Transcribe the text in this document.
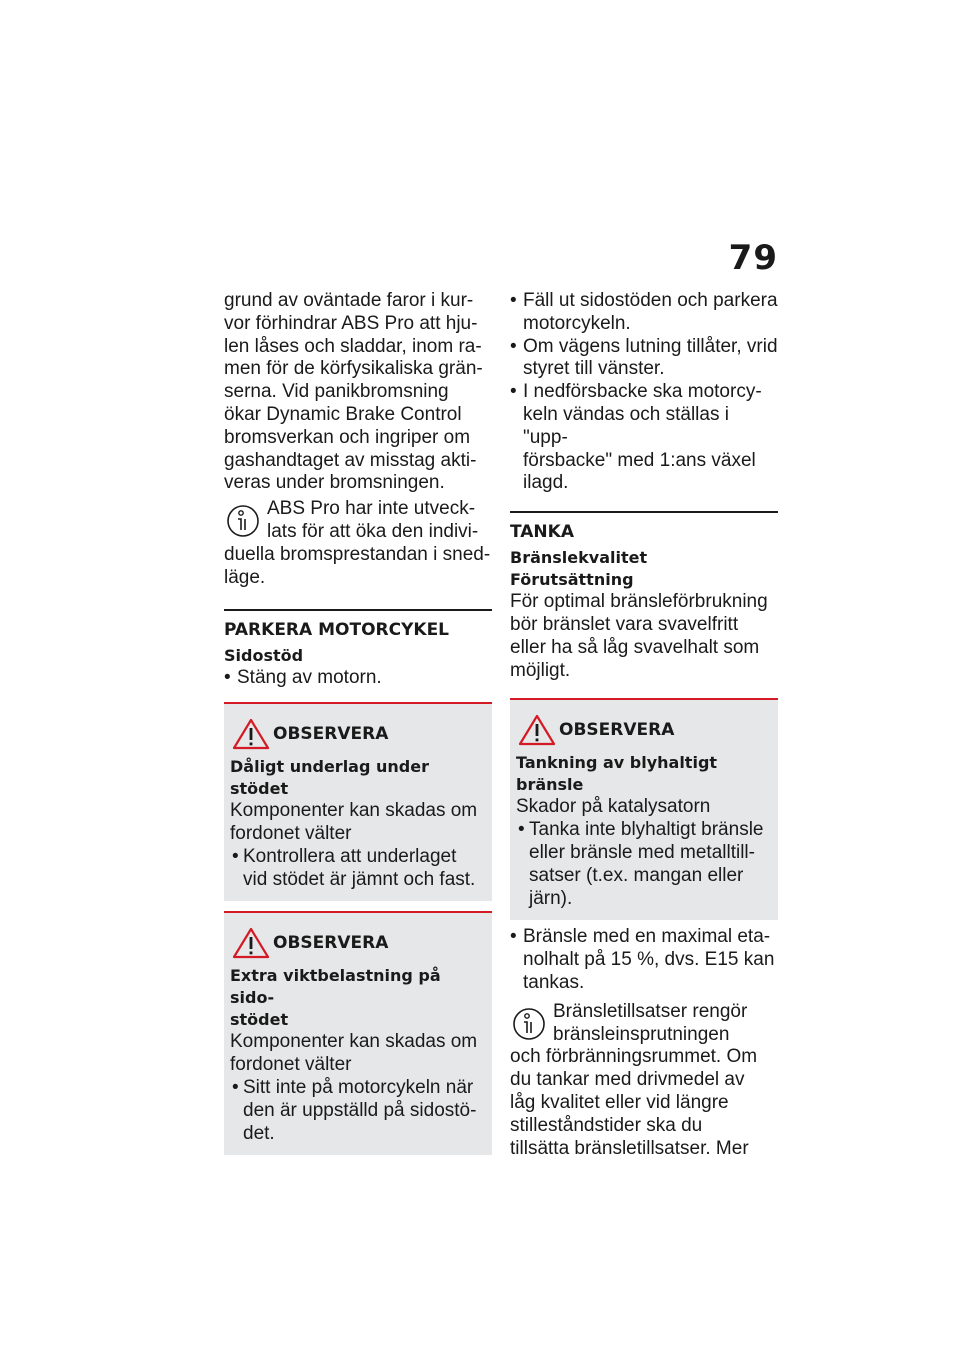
79
grund av oväntade faror i kur-
vor förhindrar ABS Pro att hju-
len låses och sladdar, inom ra-
men för de körfysikaliska grän-
serna. Vid panikbromsning
ökar Dynamic Brake Control
bromsverkan och ingriper om
gashandtaget av misstag akti-
veras under bromsningen.
ABS Pro har inte utveck-
lats för att öka den indivi-
duella bromsprestandan i sned-
läge.
PARKERA MOTORCYKEL
Sidostöd
• Stäng av motorn.
OBSERVERA
Dåligt underlag under stödet
Komponenter kan skadas om
fordonet välter
• Kontrollera att underlaget
vid stödet är jämnt och fast.
OBSERVERA
Extra viktbelastning på sido-
stödet
Komponenter kan skadas om
fordonet välter
• Sitt inte på motorcykeln när
den är uppställd på sidostö-
det.
• Fäll ut sidostöden och parkera
motorcykeln.
• Om vägens lutning tillåter, vrid
styret till vänster.
• I nedförsbacke ska motorcy-
keln vändas och ställas i "upp-
försbacke" med 1:ans växel
ilagd.
TANKA
Bränslekvalitet
Förutsättning
För optimal bränsleförbrukning
bör bränslet vara svavelfritt
eller ha så låg svavelhalt som
möjligt.
OBSERVERA
Tankning av blyhaltigt
bränsle
Skador på katalysatorn
• Tanka inte blyhaltigt bränsle
eller bränsle med metalltill-
satser (t.ex. mangan eller
järn).
• Bränsle med en maximal eta-
nolhalt på 15 %, dvs. E15 kan
tankas.
Bränsletillsatser rengör
bränsleinsprutningen
och förbränningsrummet. Om
du tankar med drivmedel av
låg kvalitet eller vid längre
stilleståndstider ska du
tillsätta bränsletillsatser. Mer
